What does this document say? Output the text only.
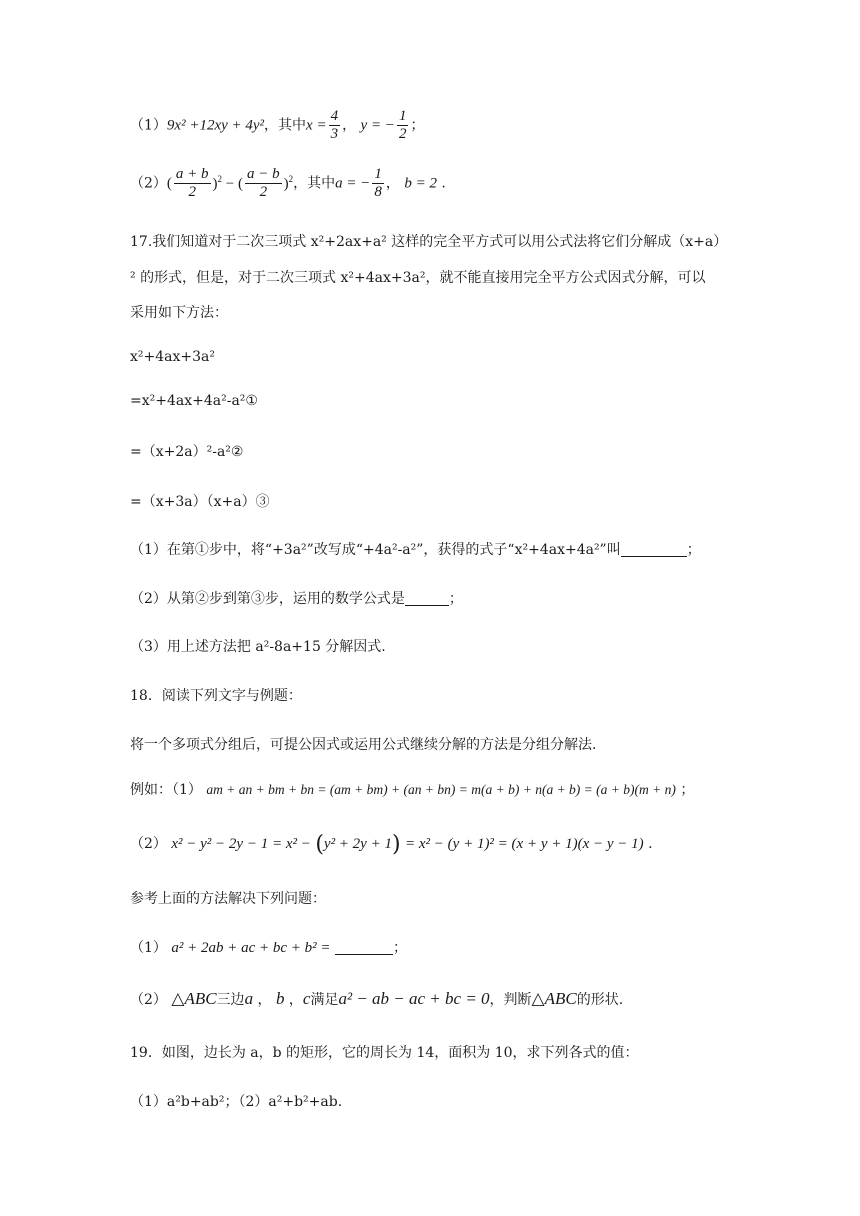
（1）9x² +12xy + 4y²，其中$x = \frac{4}{3}$ ， y = − $\frac{1}{2}$ ；
$(2)( \frac{a + b}{2} )^2$ − ( $\frac{a - b}{2} )^2$，其中a = − $\frac{1}{8}$ ， b = 2 .
17.我们知道对于二次三项式 x²+2ax+a² 这样的完全平方式可以用公式法将它们分解成（x+a）
² 的形式，但是，对于二次三项式 x²+4ax+3a²，就不能直接用完全平方公式因式分解，可以
采用如下方法：
x²+4ax+3a²
=x²+4ax+4a²-a²①
=（x+2a）²-a²②
=（x+3a）（x+a）③
（1）在第①步中，将“+3a²”改写成“+4a²-a²”，获得的式子“x²+4ax+4a²”叫	；
（2）从第②步到第③步，运用的数学公式是	；
（3）用上述方法把 a²-8a+15 分解因式.
18．阅读下列文字与例题：
将一个多项式分组后，可提公因式或运用公式继续分解的方法是分组分解法.
例如：（1） am + an + bm + bn = (am + bm) + (an + bn) = m(a + b) + n(a + b) = (a + b)(m + n) ；
（2） x² − y² − 2y − 1 = x² − (y² + 2y + 1) = x² − (y + 1)² = (x + y + 1)(x − y − 1) .
参考上面的方法解决下列问题：
（1） a² + 2ab + ac + bc + b² =	；
（2） △ABC三边a ， b ，c满足a² − ab − ac + bc = 0，判断△ABC的形状.
19．如图，边长为 a，b 的矩形，它的周长为 14，面积为 10，求下列各式的值：
（1）a²b+ab²；（2）a²+b²+ab.
